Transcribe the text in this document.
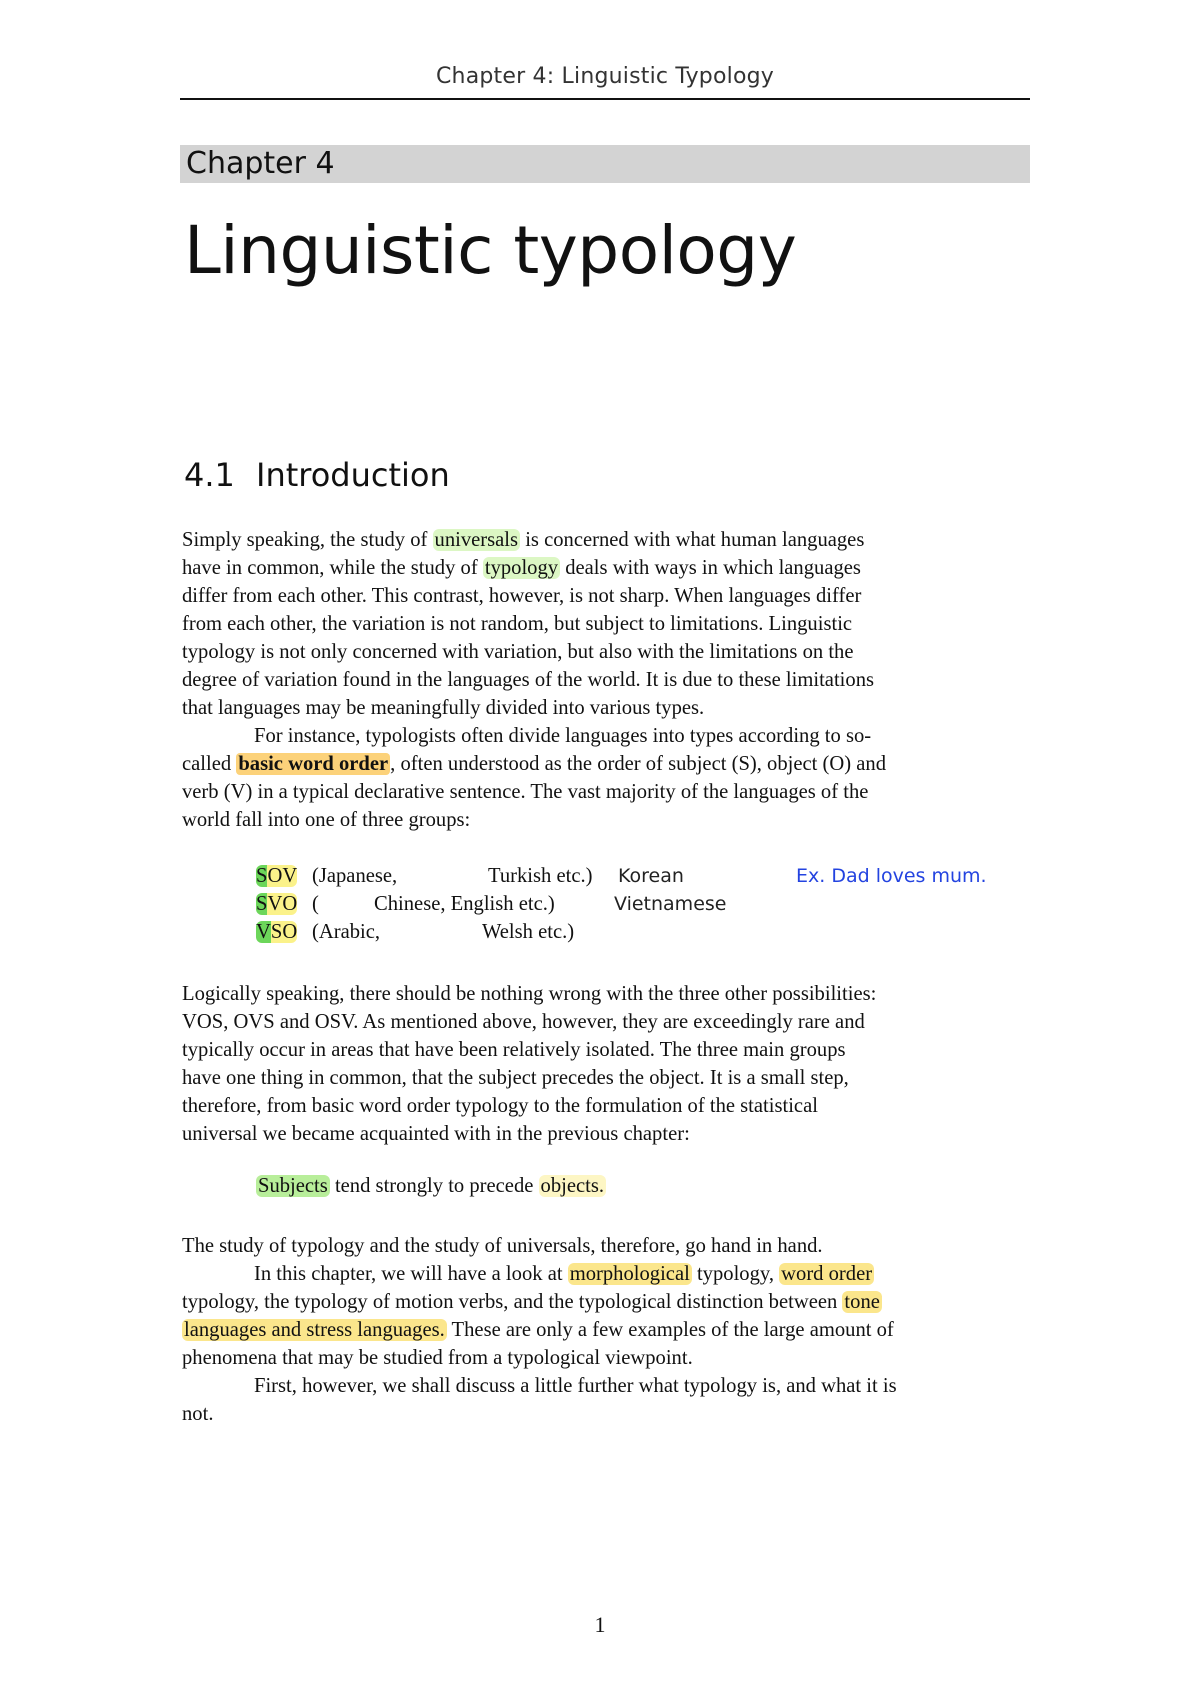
Chapter 4: Linguistic Typology
Chapter 4
Linguistic typology
4.1 Introduction
Simply speaking, the study of universals is concerned with what human languages
have in common, while the study of typology deals with ways in which languages
differ from each other. This contrast, however, is not sharp. When languages differ
from each other, the variation is not random, but subject to limitations. Linguistic
typology is not only concerned with variation, but also with the limitations on the
degree of variation found in the languages of the world. It is due to these limitations
that languages may be meaningfully divided into various types.
For instance, typologists often divide languages into types according to so-
called basic word order, often understood as the order of subject (S), object (O) and
verb (V) in a typical declarative sentence. The vast majority of the languages of the
world fall into one of three groups:
SOV (Japanese,	Turkish etc.) Korean	Ex. Dad loves mum.
SVO (	Chinese, English etc.)	Vietnamese
VSO (Arabic,	Welsh etc.)
Logically speaking, there should be nothing wrong with the three other possibilities:
VOS, OVS and OSV. As mentioned above, however, they are exceedingly rare and
typically occur in areas that have been relatively isolated. The three main groups
have one thing in common, that the subject precedes the object. It is a small step,
therefore, from basic word order typology to the formulation of the statistical
universal we became acquainted with in the previous chapter:
Subjects tend strongly to precede objects.
The study of typology and the study of universals, therefore, go hand in hand.
In this chapter, we will have a look at morphological typology, word order
typology, the typology of motion verbs, and the typological distinction between tone
languages and stress languages. These are only a few examples of the large amount of
phenomena that may be studied from a typological viewpoint.
First, however, we shall discuss a little further what typology is, and what it is
not.
1
